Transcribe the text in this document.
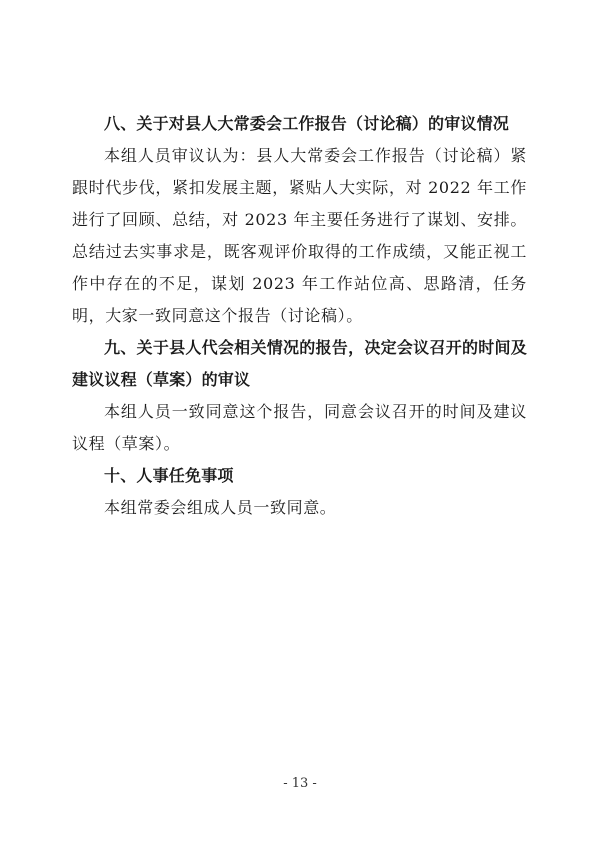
八、关于对县人大常委会工作报告（讨论稿）的审议情况

本组人员审议认为：县人大常委会工作报告（讨论稿）紧跟时代步伐，紧扣发展主题，紧贴人大实际，对 2022 年工作进行了回顾、总结，对 2023 年主要任务进行了谋划、安排。总结过去实事求是，既客观评价取得的工作成绩，又能正视工作中存在的不足，谋划 2023 年工作站位高、思路清，任务明，大家一致同意这个报告（讨论稿）。

九、关于县人代会相关情况的报告，决定会议召开的时间及建议议程（草案）的审议

本组人员一致同意这个报告，同意会议召开的时间及建议议程（草案）。

十、人事任免事项

本组常委会组成人员一致同意。

- 13 -
